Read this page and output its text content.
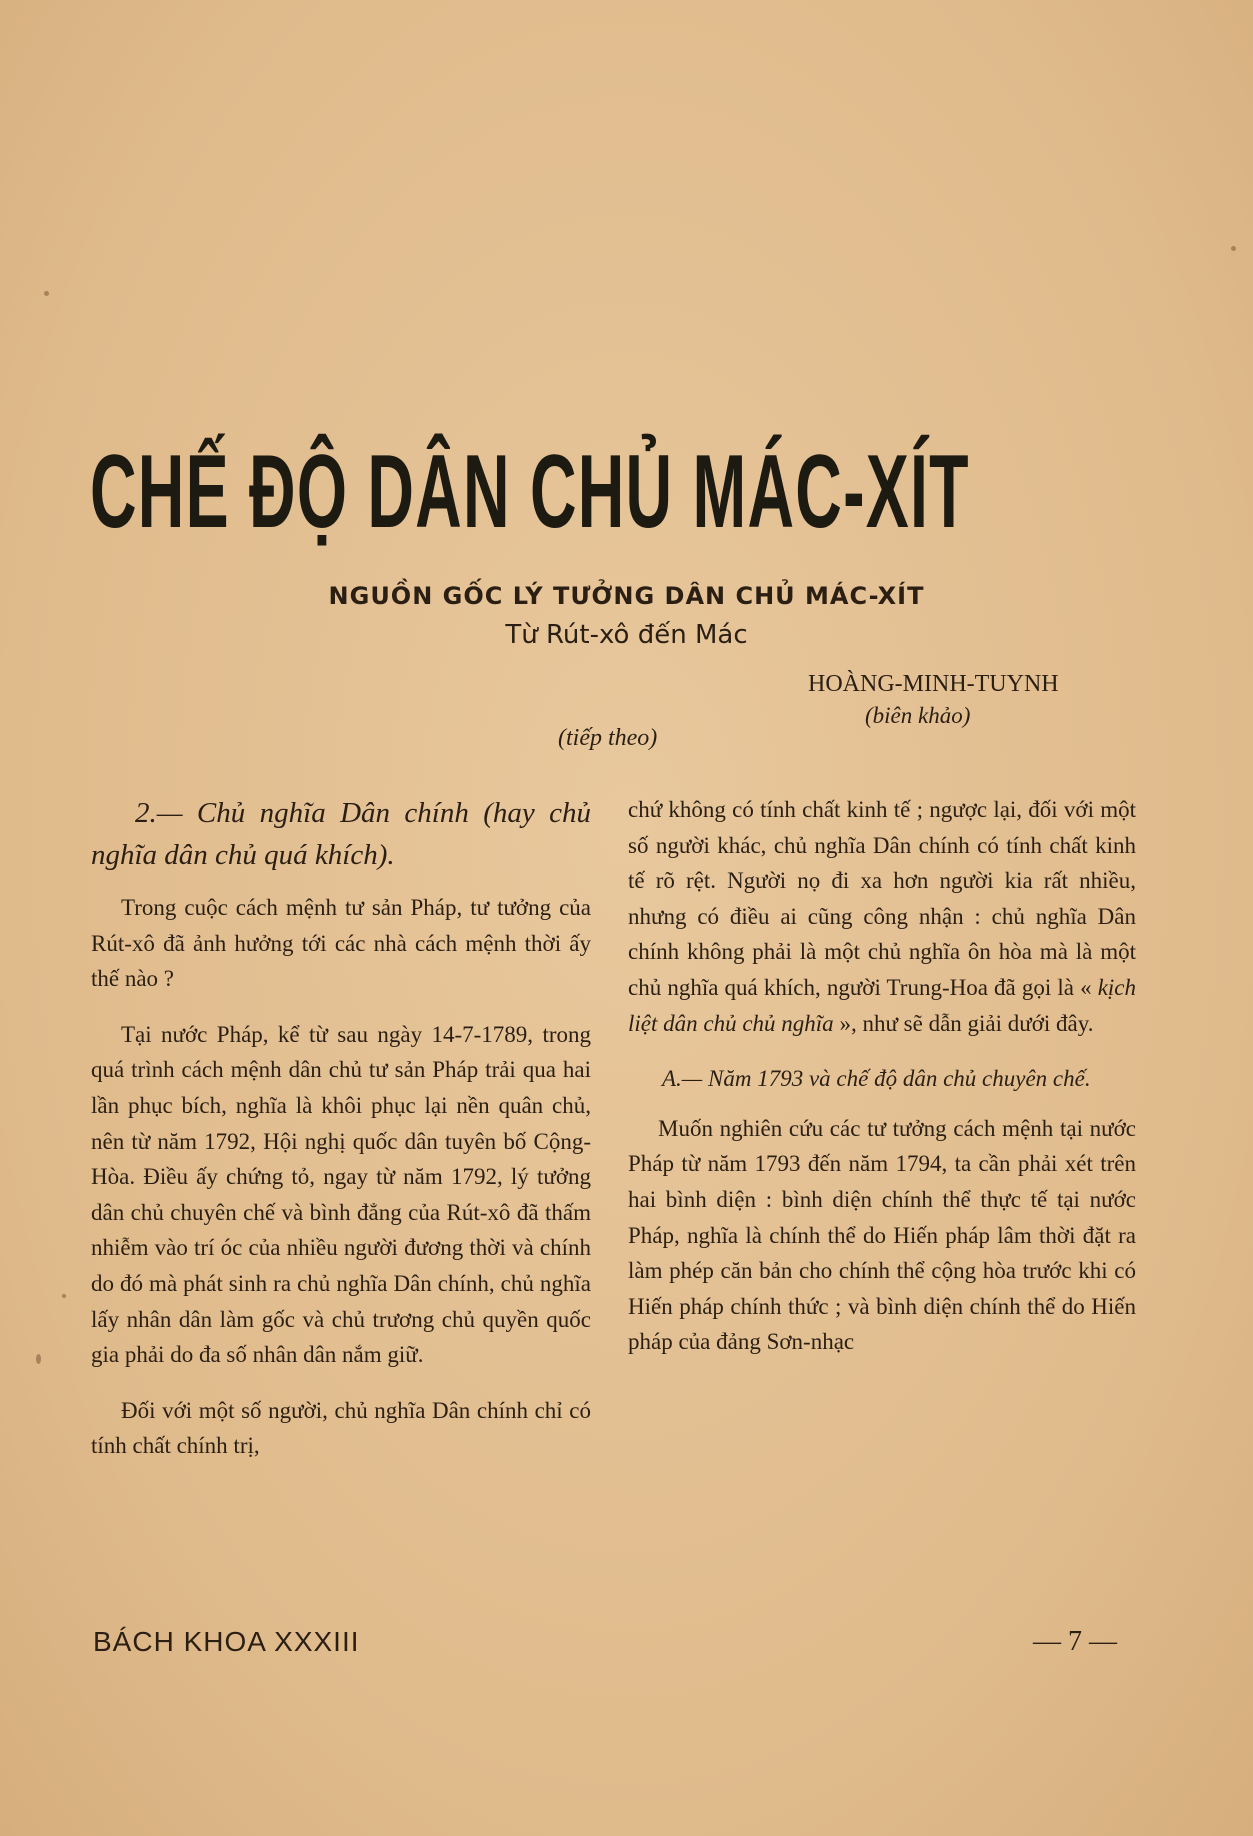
CHẾ ĐỘ DÂN CHỦ MÁC-XÍT
NGUỒN GỐC LÝ TƯỞNG DÂN CHỦ MÁC-XÍT
Từ Rút-xô đến Mác
HOÀNG-MINH-TUYNH
(biên khảo)
(tiếp theo)

2.— Chủ nghĩa Dân chính (hay chủ nghĩa dân chủ quá khích).

Trong cuộc cách mệnh tư sản Pháp, tư tưởng của Rút-xô đã ảnh hưởng tới các nhà cách mệnh thời ấy thế nào ?

Tại nước Pháp, kể từ sau ngày 14-7-1789, trong quá trình cách mệnh dân chủ tư sản Pháp trải qua hai lần phục bích, nghĩa là khôi phục lại nền quân chủ, nên từ năm 1792, Hội nghị quốc dân tuyên bố Cộng-Hòa. Điều ấy chứng tỏ, ngay từ năm 1792, lý tưởng dân chủ chuyên chế và bình đẳng của Rút-xô đã thấm nhiễm vào trí óc của nhiều người đương thời và chính do đó mà phát sinh ra chủ nghĩa Dân chính, chủ nghĩa lấy nhân dân làm gốc và chủ trương chủ quyền quốc gia phải do đa số nhân dân nắm giữ.

Đối với một số người, chủ nghĩa Dân chính chỉ có tính chất chính trị,

chứ không có tính chất kinh tế ; ngược lại, đối với một số người khác, chủ nghĩa Dân chính có tính chất kinh tế rõ rệt. Người nọ đi xa hơn người kia rất nhiều, nhưng có điều ai cũng công nhận : chủ nghĩa Dân chính không phải là một chủ nghĩa ôn hòa mà là một chủ nghĩa quá khích, người Trung-Hoa đã gọi là « kịch liệt dân chủ chủ nghĩa », như sẽ dẫn giải dưới đây.

A.— Năm 1793 và chế độ dân chủ chuyên chế.

Muốn nghiên cứu các tư tưởng cách mệnh tại nước Pháp từ năm 1793 đến năm 1794, ta cần phải xét trên hai bình diện : bình diện chính thể thực tế tại nước Pháp, nghĩa là chính thể do Hiến pháp lâm thời đặt ra làm phép căn bản cho chính thể cộng hòa trước khi có Hiến pháp chính thức ; và bình diện chính thể do Hiến pháp của đảng Sơn-nhạc

BÁCH KHOA XXXIII	— 7 —
